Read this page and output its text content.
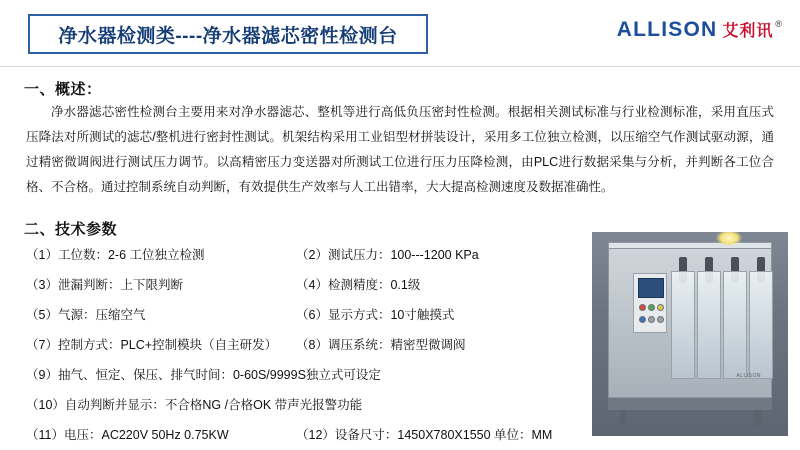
净水器检测类----净水器滤芯密性检测台	ALLISON 艾利讯 ®
一、概述：
净水器滤芯密性检测台主要用来对净水器滤芯、整机等进行高低负压密封性检测。根据相关测试标准与行业检测标准，采用直压式压降法对所测试的滤芯/整机进行密封性测试。机架结构采用工业铝型材拼装设计，采用多工位独立检测，以压缩空气作测试驱动源，通过精密微调阀进行测试压力调节。以高精密压力变送器对所测试工位进行压力压降检测，由PLC进行数据采集与分析，并判断各工位合格、不合格。通过控制系统自动判断，有效提供生产效率与人工出错率，大大提高检测速度及数据准确性。
二、技术参数
（1）工位数：2-6 工位独立检测	（2）测试压力：100---1200 KPa
（3）泄漏判断：上下限判断	（4）检测精度：0.1级
（5）气源：压缩空气	（6）显示方式：10寸触摸式
（7）控制方式：PLC+控制模块（自主研发）	（8）调压系统：精密型微调阀
（9）抽气、恒定、保压、排气时间：0-60S/9999S独立式可设定
（10）自动判断并显示：不合格NG /合格OK 带声光报警功能
（11）电压：AC220V 50Hz 0.75KW	（12）设备尺寸：1450X780X1550 单位：MM
ALLISON
